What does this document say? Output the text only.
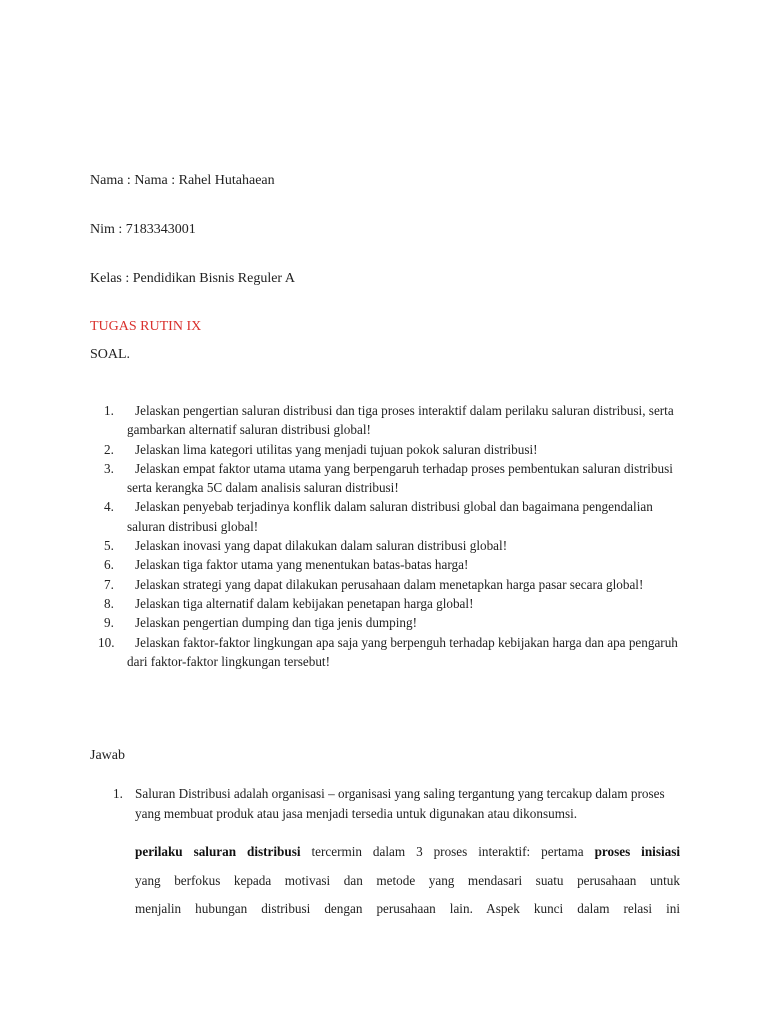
Nama : Nama : Rahel Hutahaean
Nim : 7183343001
Kelas : Pendidikan Bisnis Reguler A
TUGAS RUTIN IX
SOAL.
1.	Jelaskan pengertian saluran distribusi dan tiga proses interaktif dalam perilaku saluran distribusi, serta gambarkan alternatif saluran distribusi global!
2.	Jelaskan lima kategori utilitas yang menjadi tujuan pokok saluran distribusi!
3.	Jelaskan empat faktor utama utama yang berpengaruh terhadap proses pembentukan saluran distribusi serta kerangka 5C dalam analisis saluran distribusi!
4.	Jelaskan penyebab terjadinya konflik dalam saluran distribusi global dan bagaimana pengendalian saluran distribusi global!
5.	Jelaskan inovasi yang dapat dilakukan dalam saluran distribusi global!
6.	Jelaskan tiga faktor utama yang menentukan batas-batas harga!
7.	Jelaskan strategi yang dapat dilakukan perusahaan dalam menetapkan harga pasar secara global!
8.	Jelaskan tiga alternatif dalam kebijakan penetapan harga global!
9.	Jelaskan pengertian dumping dan tiga jenis dumping!
10.	Jelaskan faktor-faktor lingkungan apa saja yang berpenguh terhadap kebijakan harga dan apa pengaruh dari faktor-faktor lingkungan tersebut!
Jawab
1. Saluran Distribusi adalah organisasi – organisasi yang saling tergantung yang tercakup dalam proses yang membuat produk atau jasa menjadi tersedia untuk digunakan atau dikonsumsi.
perilaku saluran distribusi tercermin dalam 3 proses interaktif: pertama proses inisiasi
yang berfokus kepada motivasi dan metode yang mendasari suatu perusahaan untuk
menjalin hubungan distribusi dengan perusahaan lain. Aspek kunci dalam relasi ini
